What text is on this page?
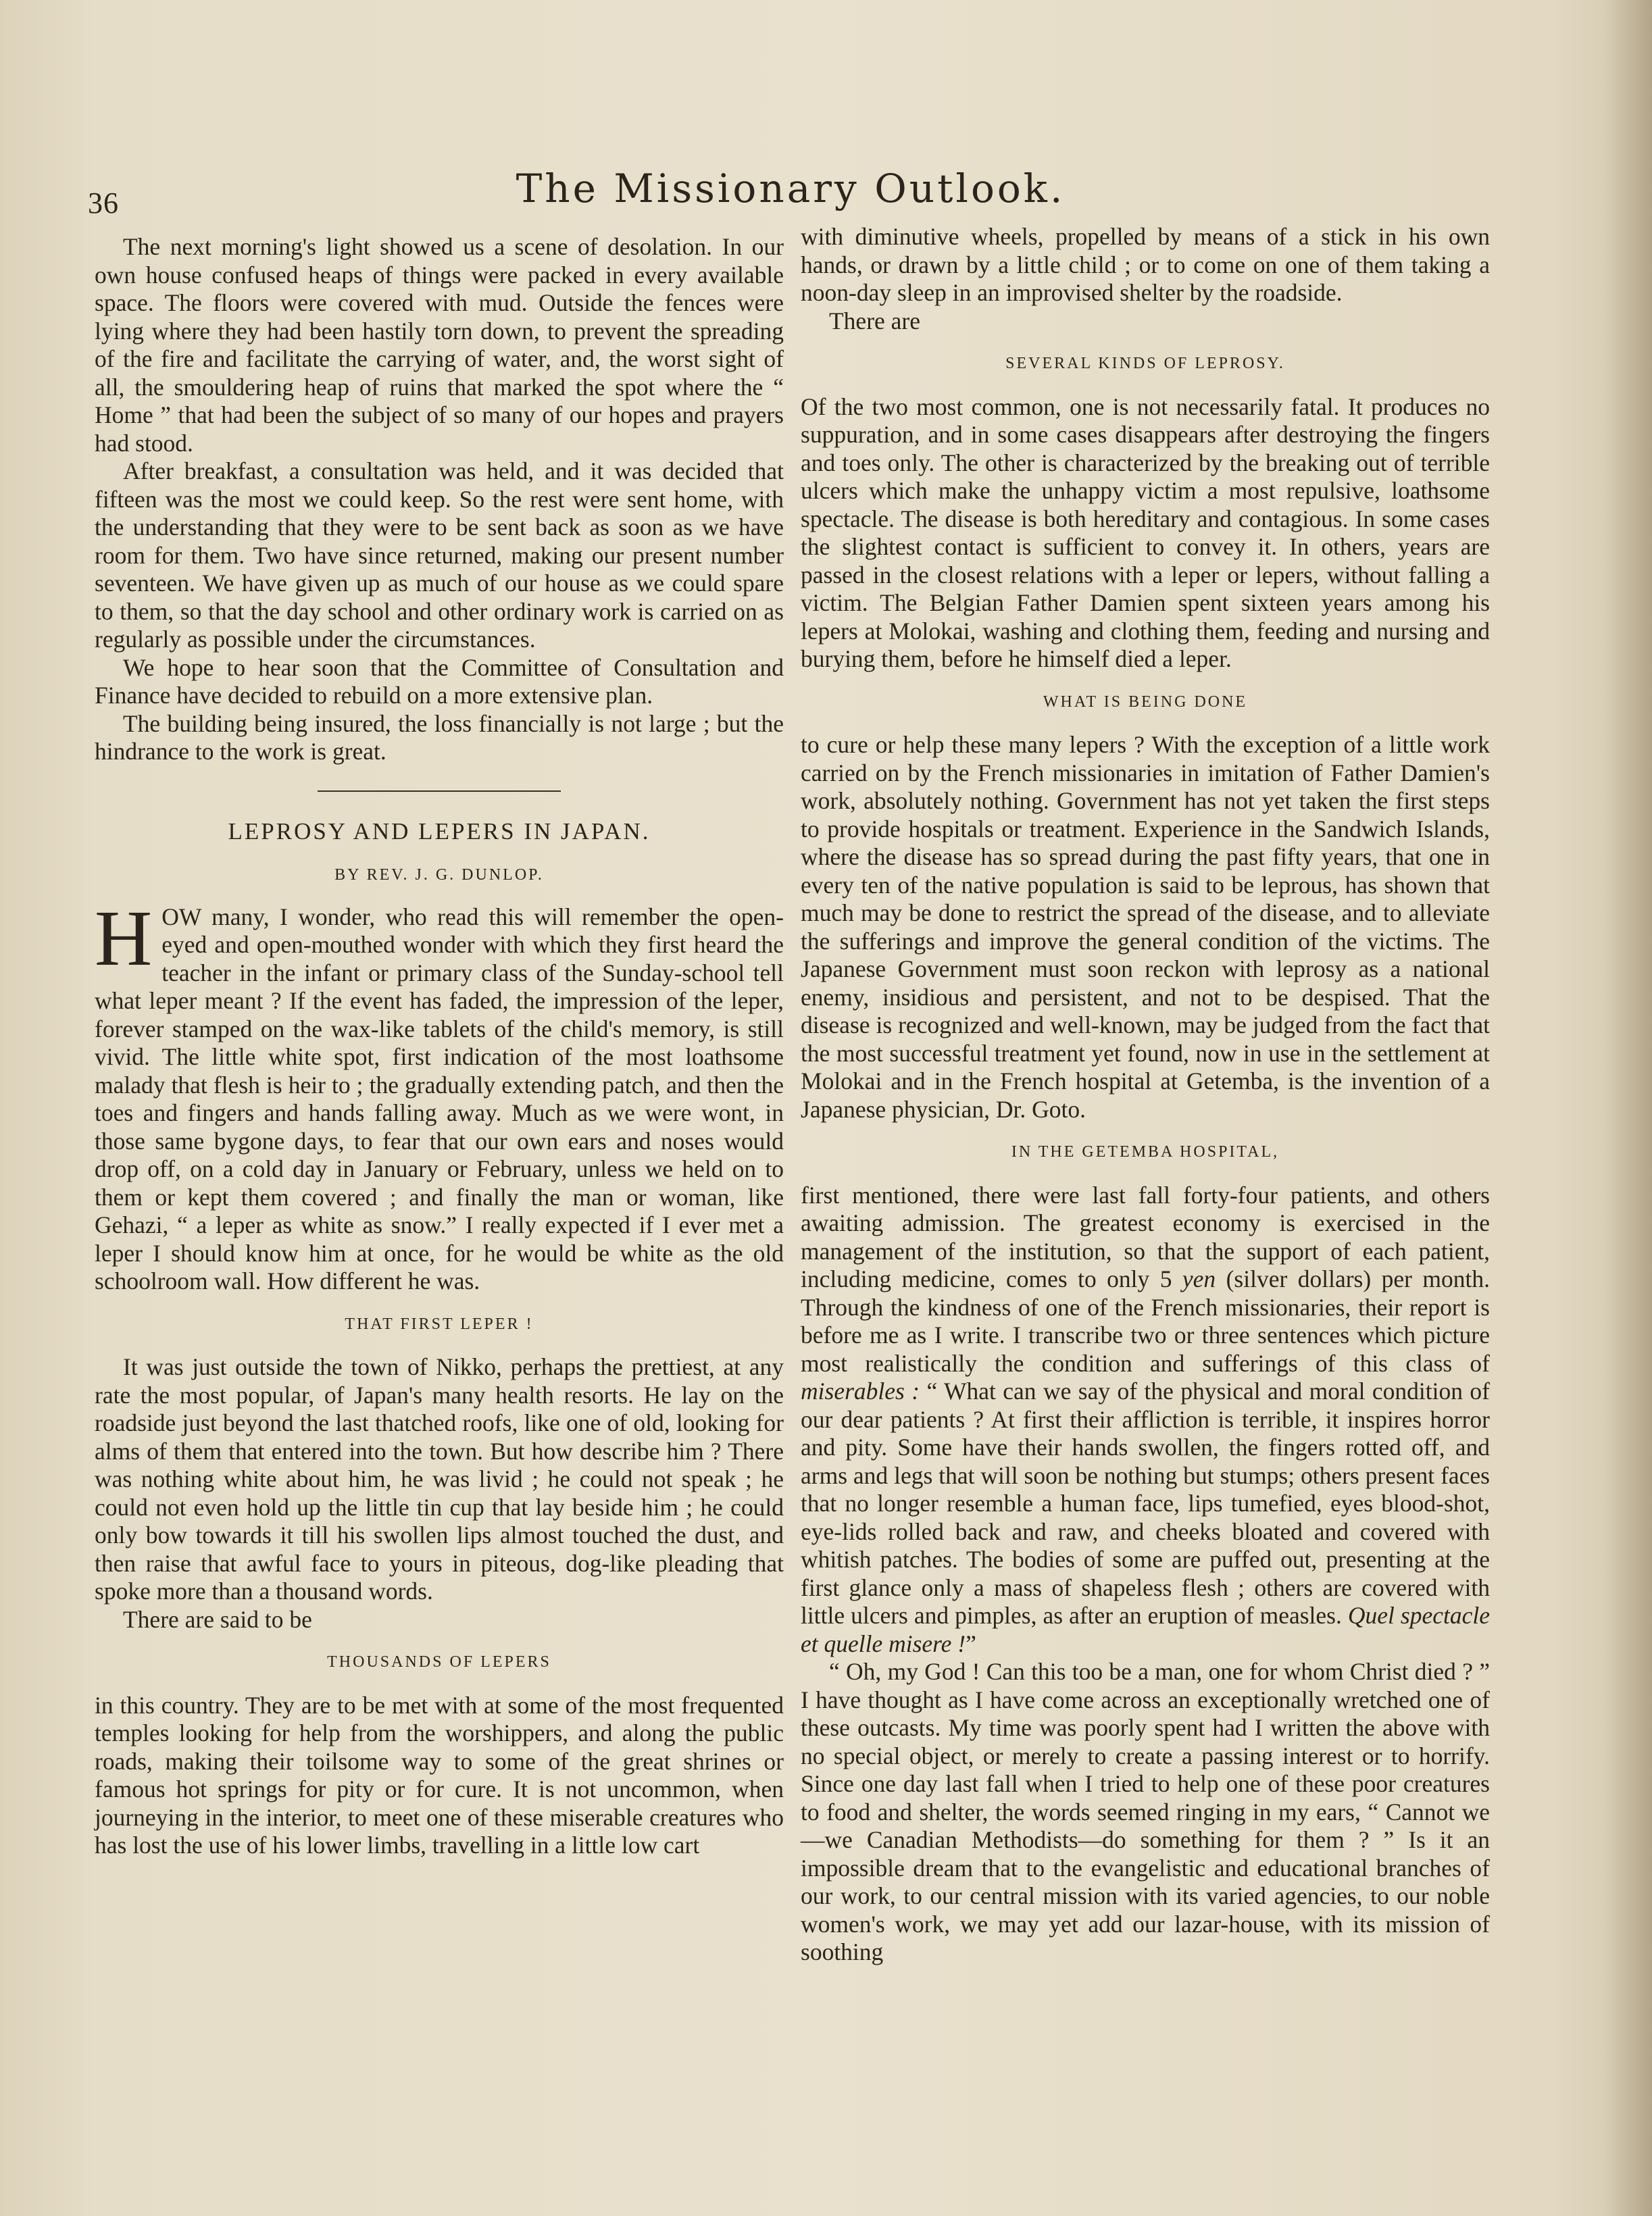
36	The Missionary Outlook.

The next morning's light showed us a scene of desolation. In our own house confused heaps of things were packed in every available space. The floors were covered with mud. Outside the fences were lying where they had been hastily torn down, to prevent the spreading of the fire and facilitate the carrying of water, and, the worst sight of all, the smouldering heap of ruins that marked the spot where the “ Home ” that had been the subject of so many of our hopes and prayers had stood.

After breakfast, a consultation was held, and it was decided that fifteen was the most we could keep. So the rest were sent home, with the understanding that they were to be sent back as soon as we have room for them. Two have since returned, making our present number seventeen. We have given up as much of our house as we could spare to them, so that the day school and other ordinary work is carried on as regularly as possible under the circumstances.

We hope to hear soon that the Committee of Consultation and Finance have decided to rebuild on a more extensive plan.

The building being insured, the loss financially is not large ; but the hindrance to the work is great.

LEPROSY AND LEPERS IN JAPAN.
BY REV. J. G. DUNLOP.

HOW many, I wonder, who read this will remember the open-eyed and open-mouthed wonder with which they first heard the teacher in the infant or primary class of the Sunday-school tell what leper meant ? If the event has faded, the impression of the leper, forever stamped on the wax-like tablets of the child's memory, is still vivid. The little white spot, first indication of the most loathsome malady that flesh is heir to ; the gradually extending patch, and then the toes and fingers and hands falling away. Much as we were wont, in those same bygone days, to fear that our own ears and noses would drop off, on a cold day in January or February, unless we held on to them or kept them covered ; and finally the man or woman, like Gehazi, “ a leper as white as snow.” I really expected if I ever met a leper I should know him at once, for he would be white as the old schoolroom wall. How different he was.

THAT FIRST LEPER !

It was just outside the town of Nikko, perhaps the prettiest, at any rate the most popular, of Japan's many health resorts. He lay on the roadside just beyond the last thatched roofs, like one of old, looking for alms of them that entered into the town. But how describe him ? There was nothing white about him, he was livid ; he could not speak ; he could not even hold up the little tin cup that lay beside him ; he could only bow towards it till his swollen lips almost touched the dust, and then raise that awful face to yours in piteous, dog-like pleading that spoke more than a thousand words.

There are said to be

THOUSANDS OF LEPERS

in this country. They are to be met with at some of the most frequented temples looking for help from the worshippers, and along the public roads, making their toilsome way to some of the great shrines or famous hot springs for pity or for cure. It is not uncommon, when journeying in the interior, to meet one of these miserable creatures who has lost the use of his lower limbs, travelling in a little low cart

with diminutive wheels, propelled by means of a stick in his own hands, or drawn by a little child ; or to come on one of them taking a noon-day sleep in an improvised shelter by the roadside.

There are

SEVERAL KINDS OF LEPROSY.

Of the two most common, one is not necessarily fatal. It produces no suppuration, and in some cases disappears after destroying the fingers and toes only. The other is characterized by the breaking out of terrible ulcers which make the unhappy victim a most repulsive, loathsome spectacle. The disease is both hereditary and contagious. In some cases the slightest contact is sufficient to convey it. In others, years are passed in the closest relations with a leper or lepers, without falling a victim. The Belgian Father Damien spent sixteen years among his lepers at Molokai, washing and clothing them, feeding and nursing and burying them, before he himself died a leper.

WHAT IS BEING DONE

to cure or help these many lepers ? With the exception of a little work carried on by the French missionaries in imitation of Father Damien's work, absolutely nothing. Government has not yet taken the first steps to provide hospitals or treatment. Experience in the Sandwich Islands, where the disease has so spread during the past fifty years, that one in every ten of the native population is said to be leprous, has shown that much may be done to restrict the spread of the disease, and to alleviate the sufferings and improve the general condition of the victims. The Japanese Government must soon reckon with leprosy as a national enemy, insidious and persistent, and not to be despised. That the disease is recognized and well-known, may be judged from the fact that the most successful treatment yet found, now in use in the settlement at Molokai and in the French hospital at Getemba, is the invention of a Japanese physician, Dr. Goto.

IN THE GETEMBA HOSPITAL,

first mentioned, there were last fall forty-four patients, and others awaiting admission. The greatest economy is exercised in the management of the institution, so that the support of each patient, including medicine, comes to only 5 yen (silver dollars) per month. Through the kindness of one of the French missionaries, their report is before me as I write. I transcribe two or three sentences which picture most realistically the condition and sufferings of this class of miserables : “ What can we say of the physical and moral condition of our dear patients ? At first their affliction is terrible, it inspires horror and pity. Some have their hands swollen, the fingers rotted off, and arms and legs that will soon be nothing but stumps; others present faces that no longer resemble a human face, lips tumefied, eyes blood-shot, eye-lids rolled back and raw, and cheeks bloated and covered with whitish patches. The bodies of some are puffed out, presenting at the first glance only a mass of shapeless flesh ; others are covered with little ulcers and pimples, as after an eruption of measles. Quel spectacle et quelle misere !”

“ Oh, my God ! Can this too be a man, one for whom Christ died ? ” I have thought as I have come across an exceptionally wretched one of these outcasts. My time was poorly spent had I written the above with no special object, or merely to create a passing interest or to horrify. Since one day last fall when I tried to help one of these poor creatures to food and shelter, the words seemed ringing in my ears, “ Cannot we—we Canadian Methodists—do something for them ? ” Is it an impossible dream that to the evangelistic and educational branches of our work, to our central mission with its varied agencies, to our noble women's work, we may yet add our lazar-house, with its mission of soothing
